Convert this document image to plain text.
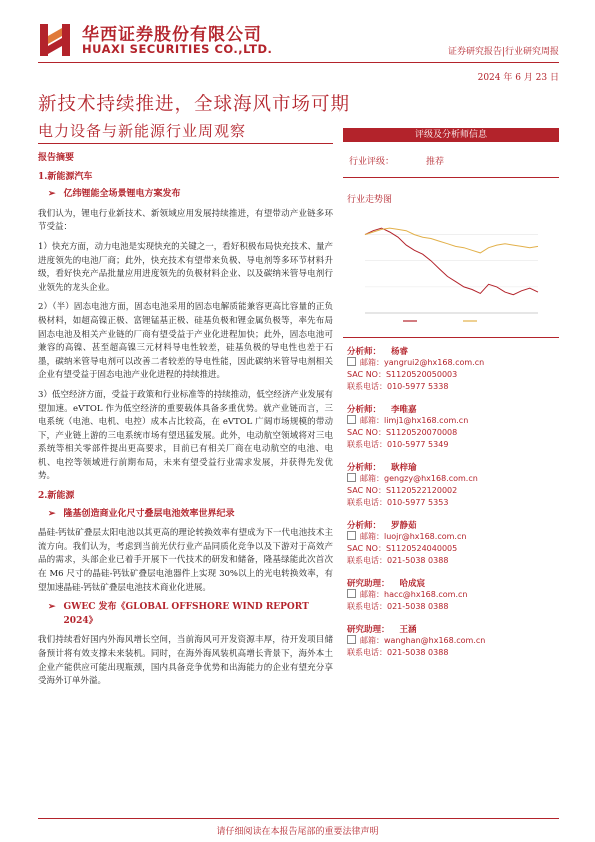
华西证券股份有限公司
HUAXI SECURITIES CO.,LTD.	证券研究报告|行业研究周报
2024 年 6 月 23 日
新技术持续推进，全球海风市场可期
电力设备与新能源行业周观察
报告摘要
1.新能源汽车
➢ 亿纬锂能全场景锂电方案发布

我们认为，锂电行业新技术、新领域应用发展持续推进，有望带动产业链多环节受益：

1）快充方面，动力电池是实现快充的关键之一，看好积极布局快充技术、量产进度领先的电池厂商；此外，快充技术有望带来负极、导电剂等多环节材料升级，看好快充产品批量应用进度领先的负极材料企业、以及碳纳米管导电剂行业领先的龙头企业。

2）（半）固态电池方面，固态电池采用的固态电解质能兼容更高比容量的正负极材料，如超高镍正极、富锂锰基正极、硅基负极和锂金属负极等，率先布局固态电池及相关产业链的厂商有望受益于产业化进程加快；此外，固态电池可兼容的高镍、甚至超高镍三元材料导电性较差，硅基负极的导电性也差于石墨，碳纳米管导电剂可以改善二者较差的导电性能，因此碳纳米管导电剂相关企业有望受益于固态电池产业化进程的持续推进。

3）低空经济方面，受益于政策和行业标准等的持续推动，低空经济产业发展有望加速。eVTOL 作为低空经济的重要载体具备多重优势。就产业链而言，三电系统（电池、电机、电控）成本占比较高，在 eVTOL 广阔市场规模的带动下，产业链上游的三电系统市场有望迅猛发展。此外，电动航空领域将对三电系统等相关零部件提出更高要求，目前已有相关厂商在电动航空的电池、电机、电控等领域进行前期布局，未来有望受益行业需求发展，并获得先发优势。

2.新能源
➢ 隆基创造商业化尺寸叠层电池效率世界纪录

晶硅-钙钛矿叠层太阳电池以其更高的理论转换效率有望成为下一代电池技术主流方向。我们认为，考虑到当前光伏行业产品同质化竞争以及下游对于高效产品的需求，头部企业已着手开展下一代技术的研发和储备，隆基绿能此次首次在 M6 尺寸的晶硅-钙钛矿叠层电池器件上实现 30%以上的光电转换效率，有望加速晶硅-钙钛矿叠层电池技术商业化进展。

➢ GWEC 发布《GLOBAL OFFSHORE WIND REPORT 2024》

我们持续看好国内外海风增长空间，当前海风可开发资源丰厚，待开发项目储备预计将有效支撑未来装机。同时，在海外海风装机高增长背景下，海外本土企业产能供应可能出现瓶颈，国内具备竞争优势和出海能力的企业有望充分享受海外订单外溢。

评级及分析师信息
行业评级：	推荐
行业走势图
分析师： 杨睿
邮箱：yangrui2@hx168.com.cn
SAC NO：S1120520050003
联系电话：010-5977 5338
分析师： 李唯嘉
邮箱：limj1@hx168.com.cn
SAC NO：S1120520070008
联系电话：010-5977 5349
分析师： 耿梓瑜
邮箱：gengzy@hx168.com.cn
SAC NO：S1120522120002
联系电话：010-5977 5353
分析师： 罗静茹
邮箱：luojr@hx168.com.cn
SAC NO：S1120524040005
联系电话：021-5038 0388
研究助理： 哈成宸
邮箱：hacc@hx168.com.cn
联系电话：021-5038 0388
研究助理： 王涵
邮箱：wanghan@hx168.com.cn
联系电话：021-5038 0388
请仔细阅读在本报告尾部的重要法律声明
